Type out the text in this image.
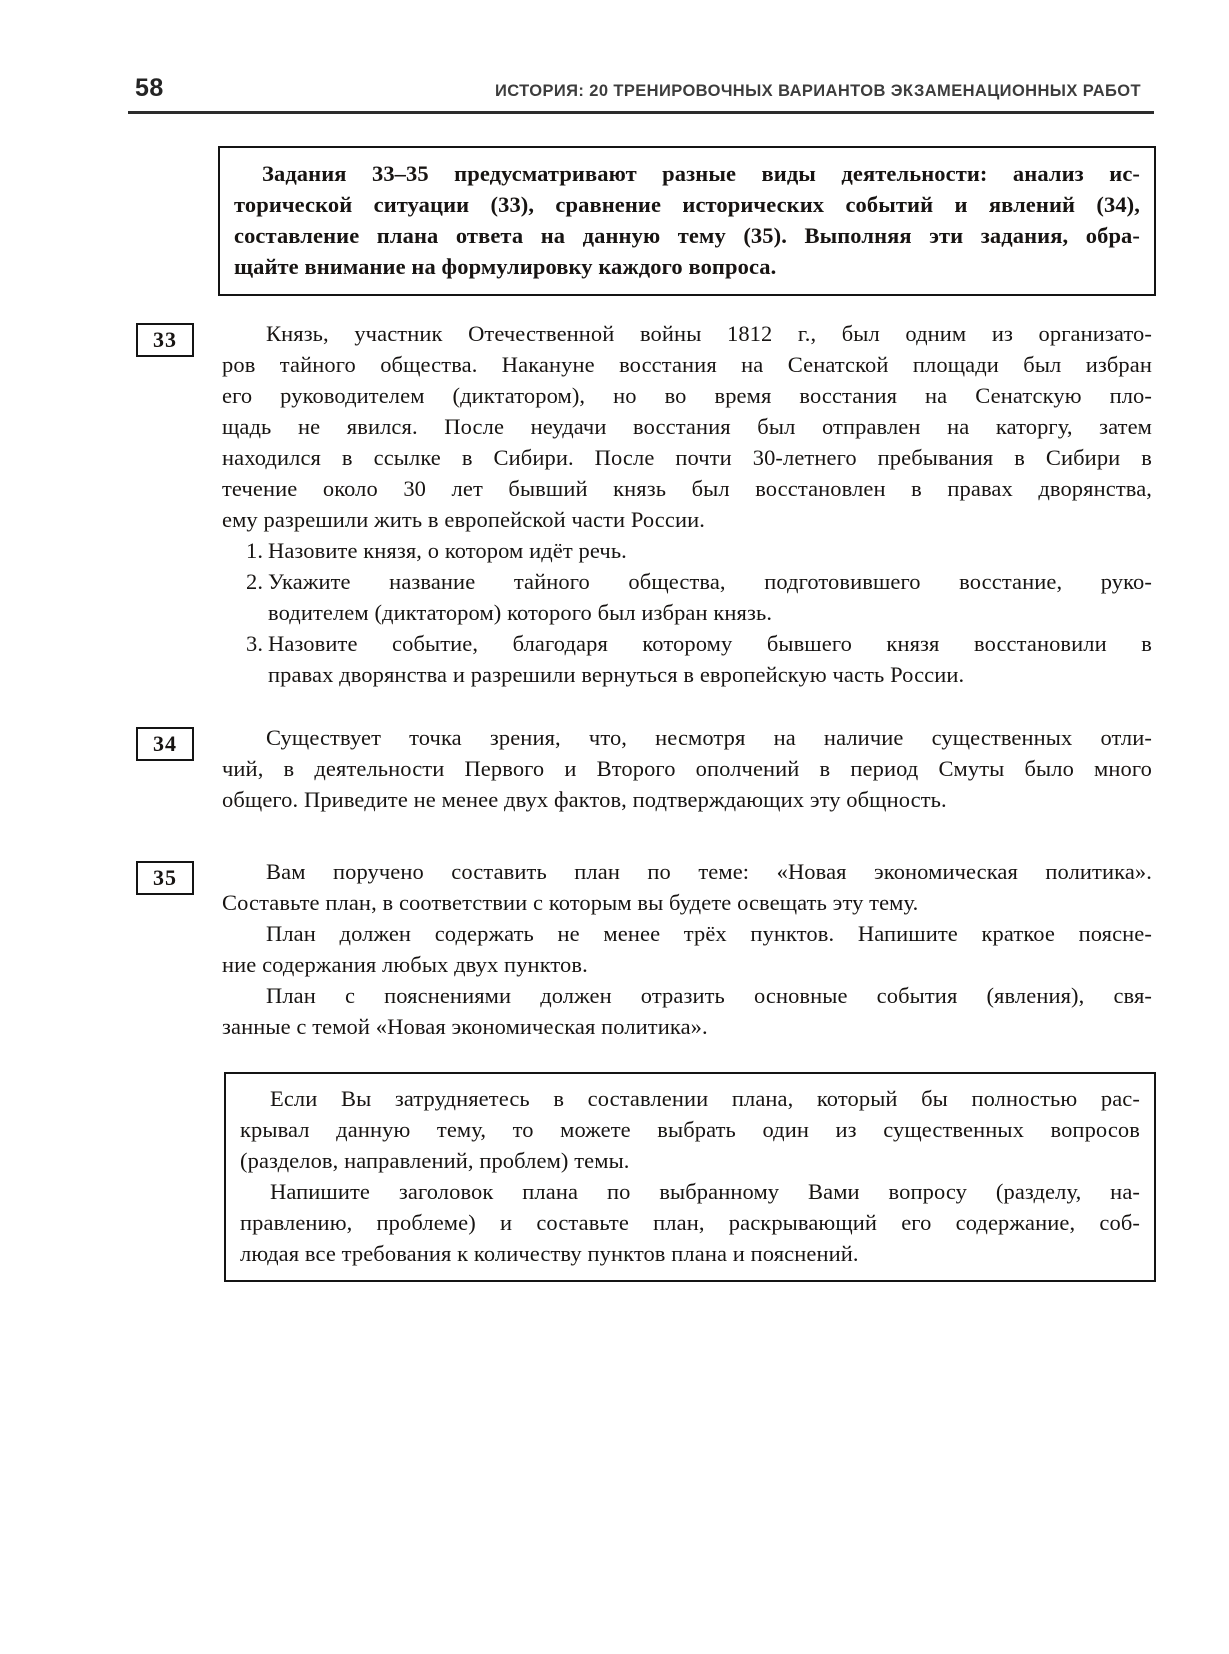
58	ИСТОРИЯ: 20 ТРЕНИРОВОЧНЫХ ВАРИАНТОВ ЭКЗАМЕНАЦИОННЫХ РАБОТ
Задания 33–35 предусматривают разные виды деятельности: анализ ис-
торической ситуации (33), сравнение исторических событий и явлений (34),
составление плана ответа на данную тему (35). Выполняя эти задания, обра-
щайте внимание на формулировку каждого вопроса.
33	Князь, участник Отечественной войны 1812 г., был одним из организато-
ров тайного общества. Накануне восстания на Сенатской площади был избран
его руководителем (диктатором), но во время восстания на Сенатскую пло-
щадь не явился. После неудачи восстания был отправлен на каторгу, затем
находился в ссылке в Сибири. После почти 30-летнего пребывания в Сибири в
течение около 30 лет бывший князь был восстановлен в правах дворянства,
ему разрешили жить в европейской части России.
1. Назовите князя, о котором идёт речь.
2. Укажите название тайного общества, подготовившего восстание, руко-
водителем (диктатором) которого был избран князь.
3. Назовите событие, благодаря которому бывшего князя восстановили в
правах дворянства и разрешили вернуться в европейскую часть России.
34	Существует точка зрения, что, несмотря на наличие существенных отли-
чий, в деятельности Первого и Второго ополчений в период Смуты было много
общего. Приведите не менее двух фактов, подтверждающих эту общность.
35	Вам поручено составить план по теме: «Новая экономическая политика».
Составьте план, в соответствии с которым вы будете освещать эту тему.
План должен содержать не менее трёх пунктов. Напишите краткое поясне-
ние содержания любых двух пунктов.
План с пояснениями должен отразить основные события (явления), свя-
занные с темой «Новая экономическая политика».
Если Вы затрудняетесь в составлении плана, который бы полностью рас-
крывал данную тему, то можете выбрать один из существенных вопросов
(разделов, направлений, проблем) темы.
Напишите заголовок плана по выбранному Вами вопросу (разделу, на-
правлению, проблеме) и составьте план, раскрывающий его содержание, соб-
людая все требования к количеству пунктов плана и пояснений.
